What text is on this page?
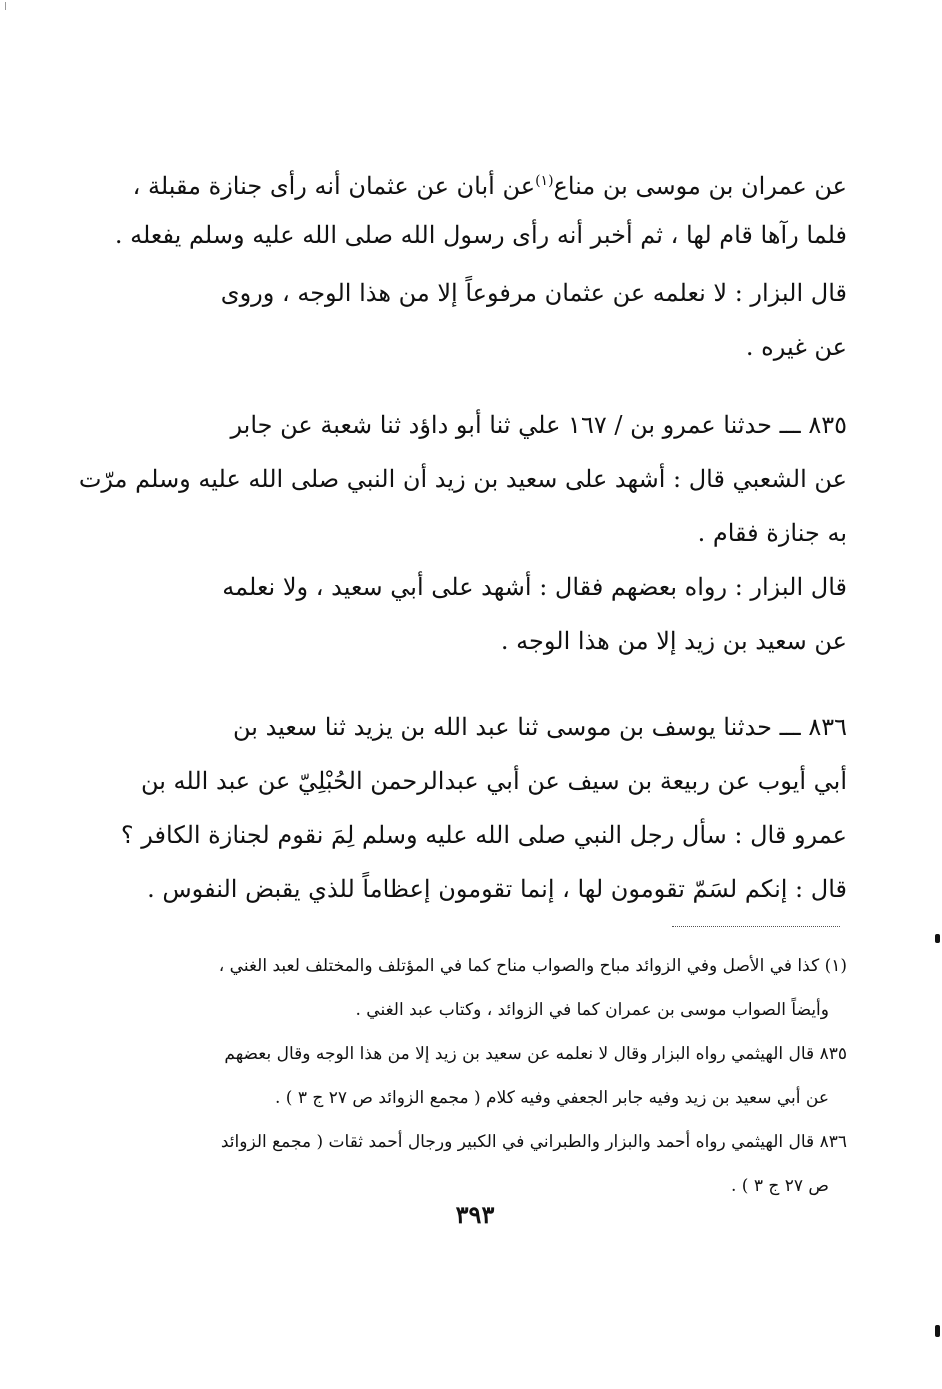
عن عمران بن موسى بن مناع$^{(١)}$عن أبان عن عثمان أنه رأى جنازة مقبلة ،
فلما رآها قام لها ، ثم أخبر أنه رأى رسول الله صلى الله عليه وسلم يفعله .
قال البزار : لا نعلمه عن عثمان مرفوعاً إلا من هذا الوجه ، وروى
عن غيره .
٨٣٥ ـــ حدثنا عمرو بن / ١٦٧ علي ثنا أبو داؤد ثنا شعبة عن جابر
عن الشعبي قال : أشهد على سعيد بن زيد أن النبي صلى الله عليه وسلم مرّت
به جنازة فقام .
قال البزار : رواه بعضهم فقال : أشهد على أبي سعيد ، ولا نعلمه
عن سعيد بن زيد إلا من هذا الوجه .
٨٣٦ ـــ حدثنا يوسف بن موسى ثنا عبد الله بن يزيد ثنا سعيد بن
أبي أيوب عن ربيعة بن سيف عن أبي عبدالرحمن الحُبْلِيّ عن عبد الله بن
عمرو قال : سأل رجل النبي صلى الله عليه وسلم لِمَ نقوم لجنازة الكافر ؟
قال : إنكم لسَمّ تقومون لها ، إنما تقومون إعظاماً للذي يقبض النفوس .
(١) كذا في الأصل وفي الزوائد مباح والصواب مناح كما في المؤتلف والمختلف لعبد الغني ،
وأيضاً الصواب موسى بن عمران كما في الزوائد ، وكتاب عبد الغني .
٨٣٥ قال الهيثمي رواه البزار وقال لا نعلمه عن سعيد بن زيد إلا من هذا الوجه وقال بعضهم
عن أبي سعيد بن زيد وفيه جابر الجعفي وفيه كلام ( مجمع الزوائد ص ٢٧ ج ٣ ) .
٨٣٦ قال الهيثمي رواه أحمد والبزار والطبراني في الكبير ورجال أحمد ثقات ( مجمع الزوائد
ص ٢٧ ج ٣ ) .
٣٩٣
